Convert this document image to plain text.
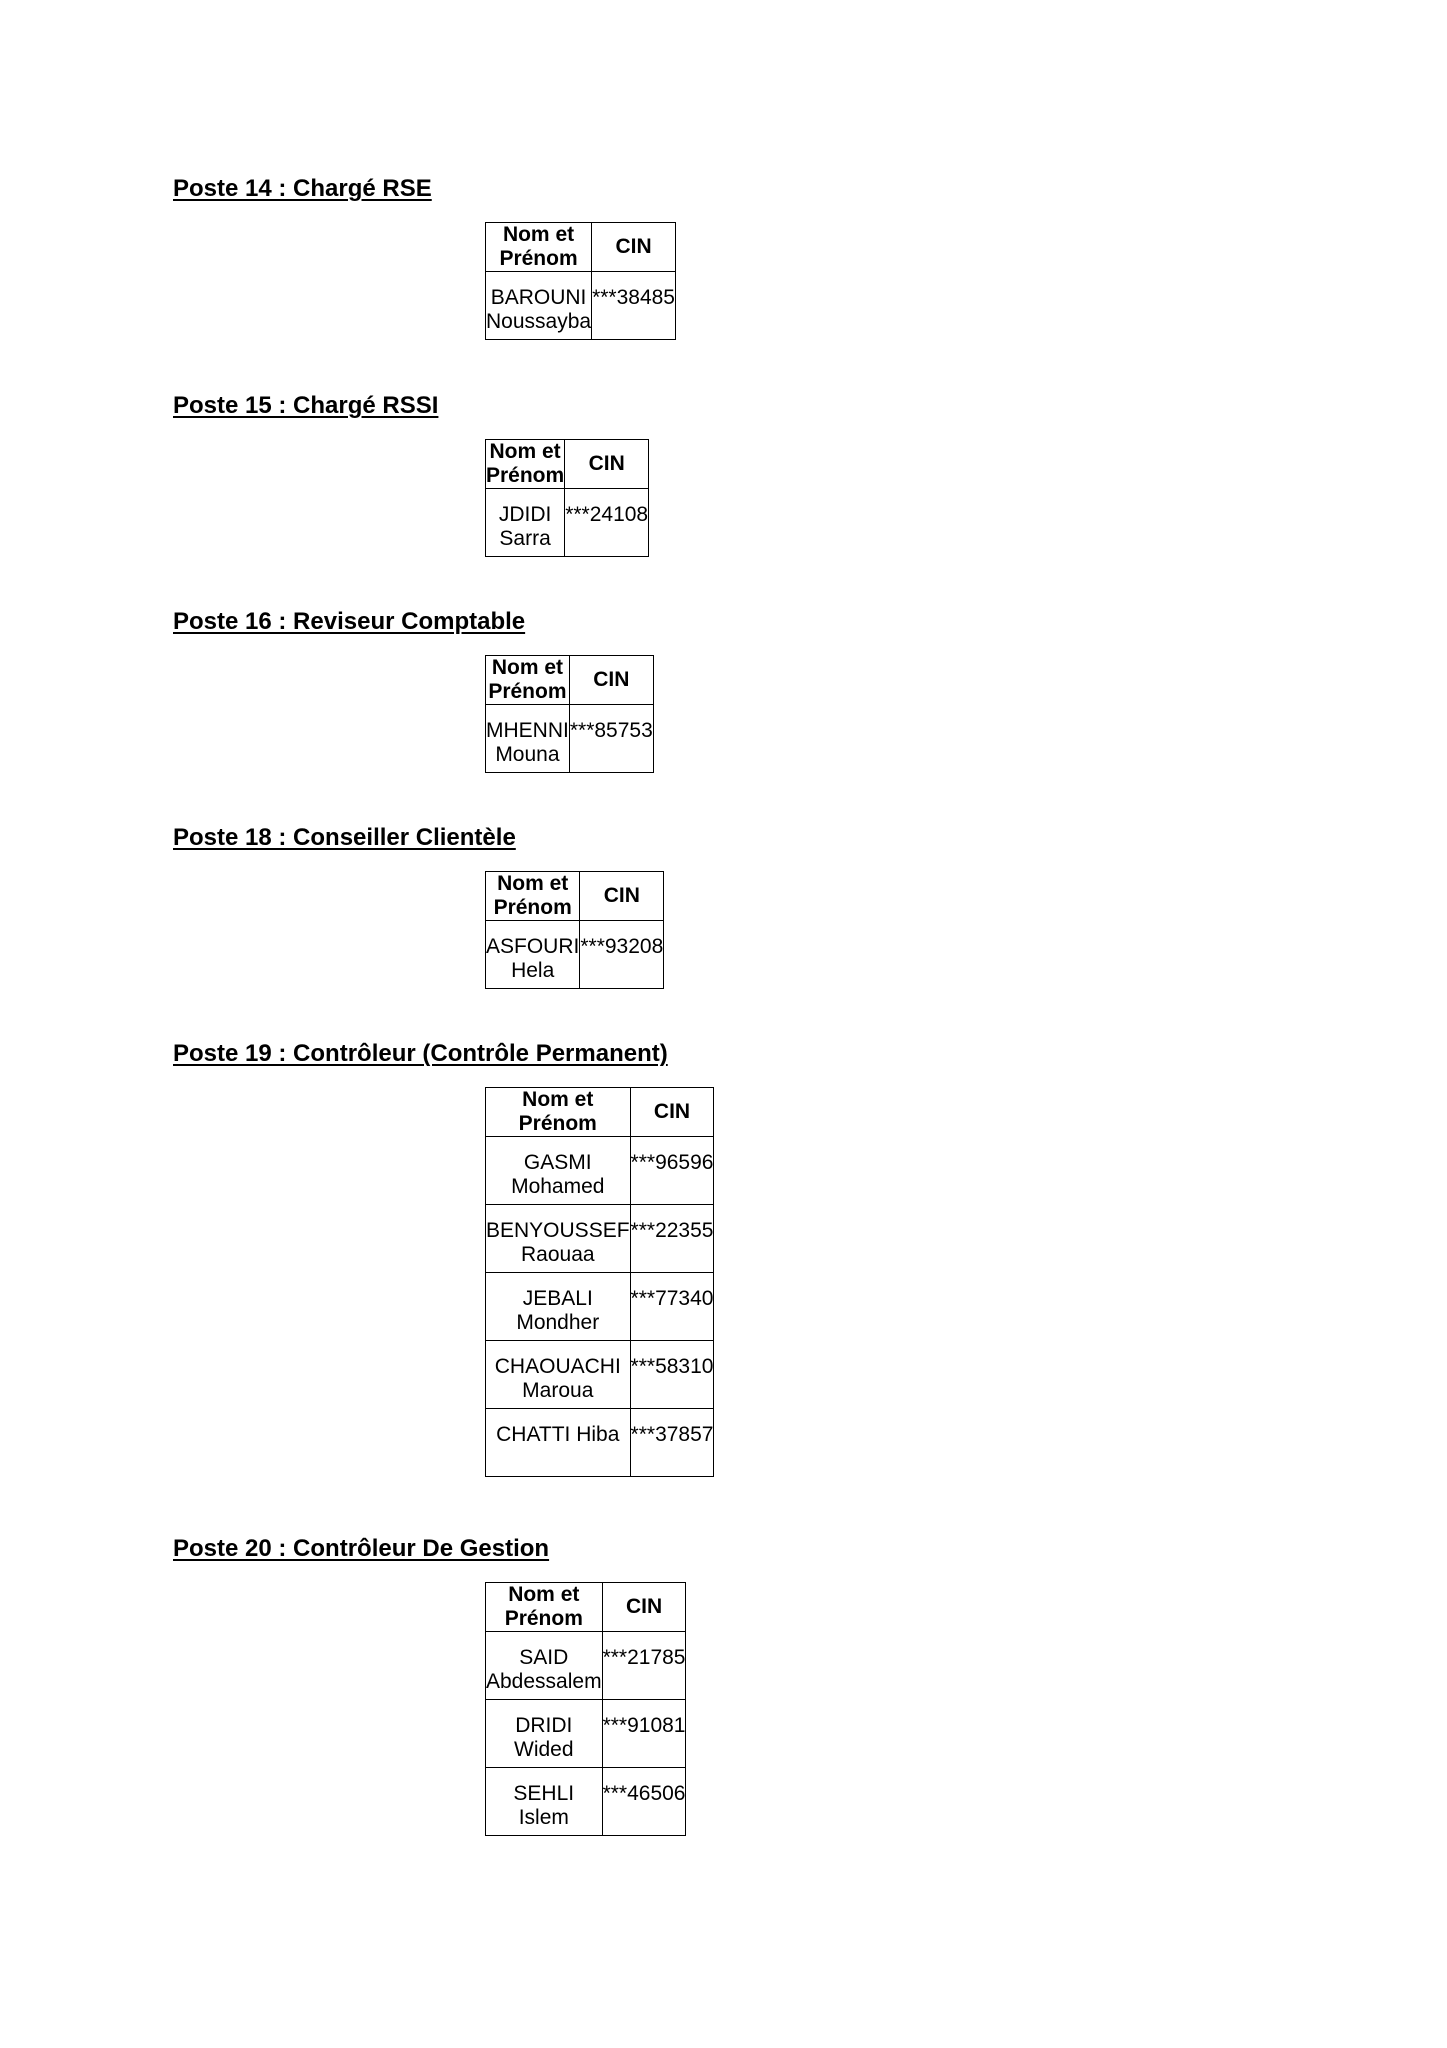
Poste 14 : Chargé RSE
Nom et Prénom	CIN
BAROUNI Noussayba	***38485
Poste 15 : Chargé RSSI
Nom et Prénom	CIN
JDIDI Sarra	***24108
Poste 16 : Reviseur Comptable
Nom et Prénom	CIN
MHENNI Mouna	***85753
Poste 18 : Conseiller Clientèle
Nom et Prénom	CIN
ASFOURI Hela	***93208
Poste 19 : Contrôleur (Contrôle Permanent)
Nom et Prénom	CIN
GASMI Mohamed	***96596
BENYOUSSEF Raouaa	***22355
JEBALI Mondher	***77340
CHAOUACHI Maroua	***58310
CHATTI Hiba	***37857
Poste 20 : Contrôleur De Gestion
Nom et Prénom	CIN
SAID Abdessalem	***21785
DRIDI Wided	***91081
SEHLI Islem	***46506
